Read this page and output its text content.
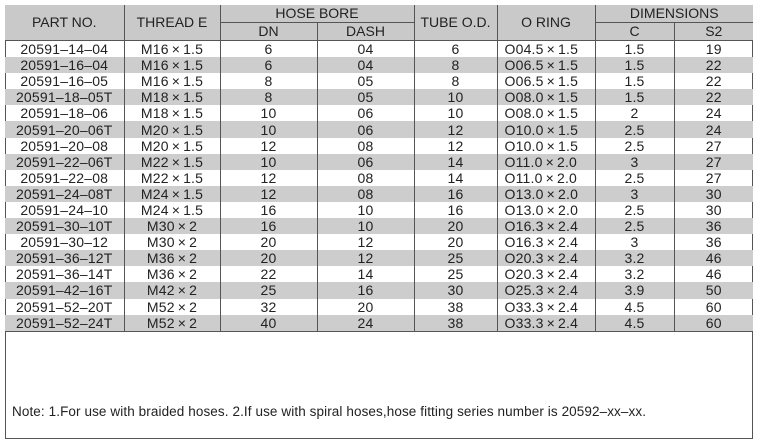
PART NO.	THREAD E	HOSE BORE		TUBE O.D.	O RING	DIMENSIONS	
		DN	DASH			C	S2
20591–14–04	M16 × 1.5	6	04	6	O04.5 × 1.5	1.5	19
20591–16–04	M16 × 1.5	6	04	8	O06.5 × 1.5	1.5	22
20591–16–05	M16 × 1.5	8	05	8	O06.5 × 1.5	1.5	22
20591–18–05T	M18 × 1.5	8	05	10	O08.0 × 1.5	1.5	22
20591–18–06	M18 × 1.5	10	06	10	O08.0 × 1.5	2	24
20591–20–06T	M20 × 1.5	10	06	12	O10.0 × 1.5	2.5	24
20591–20–08	M20 × 1.5	12	08	12	O10.0 × 1.5	2.5	27
20591–22–06T	M22 × 1.5	10	06	14	O11.0 × 2.0	3	27
20591–22–08	M22 × 1.5	12	08	14	O11.0 × 2.0	2.5	27
20591–24–08T	M24 × 1.5	12	08	16	O13.0 × 2.0	3	30
20591–24–10	M24 × 1.5	16	10	16	O13.0 × 2.0	2.5	30
20591–30–10T	M30 × 2	16	10	20	O16.3 × 2.4	2.5	36
20591–30–12	M30 × 2	20	12	20	O16.3 × 2.4	3	36
20591–36–12T	M36 × 2	20	12	25	O20.3 × 2.4	3.2	46
20591–36–14T	M36 × 2	22	14	25	O20.3 × 2.4	3.2	46
20591–42–16T	M42 × 2	25	16	30	O25.3 × 2.4	3.9	50
20591–52–20T	M52 × 2	32	20	38	O33.3 × 2.4	4.5	60
20591–52–24T	M52 × 2	40	24	38	O33.3 × 2.4	4.5	60
Note: 1.For use with braided hoses. 2.If use with spiral hoses,hose fitting series number is 20592–xx–xx.
